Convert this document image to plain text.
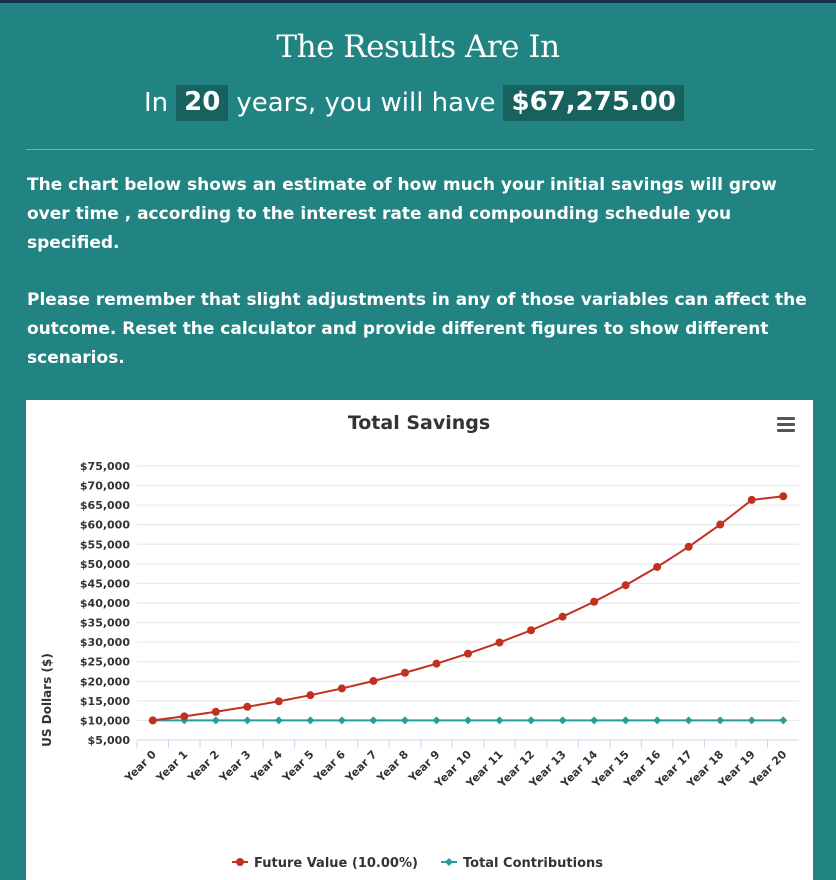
The Results Are In
In 20 years, you will have $67,275.00
The chart below shows an estimate of how much your initial savings will grow over time , according to the interest rate and compounding schedule you specified.
Please remember that slight adjustments in any of those variables can affect the outcome. Reset the calculator and provide different figures to show different scenarios.
Total Savings
US Dollars ($)
$75,000
$70,000
$65,000
$60,000
$55,000
$50,000
$45,000
$40,000
$35,000
$30,000
$25,000
$20,000
$15,000
$10,000
$5,000
Year 0
Year 1
Year 2
Year 3
Year 4
Year 5
Year 6
Year 7
Year 8
Year 9
Year 10
Year 11
Year 12
Year 13
Year 14
Year 15
Year 16
Year 17
Year 18
Year 19
Year 20
Future Value (10.00%)	Total Contributions
